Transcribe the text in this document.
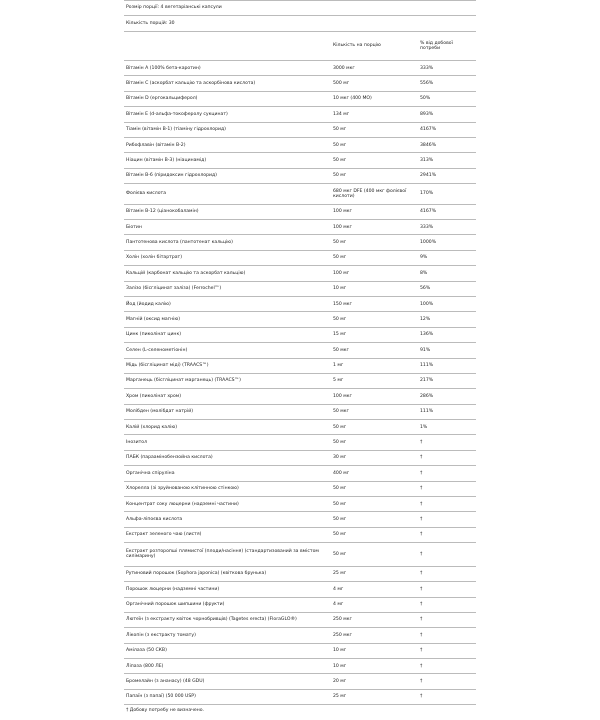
Розмір порції: 4 вегетаріанські капсули
Кількість порцій: 30
	Кількість на порцію	% від добової потреби
Вітамін А (100% бета-каротин)	3000 мкг	333%
Вітамін С (аскорбат кальцію та аскорбінова кислота)	500 мг	556%
Вітамін D (ергокальциферол)	10 мкг (400 МО)	50%
Вітамін Е (d-альфа-токоферолу сукцинат)	134 мг	893%
Тіамін (вітамін В-1) (тіаміну гідрохлорид)	50 мг	4167%
Рибофлавін (вітамін В-2)	50 мг	3846%
Ніацин (вітамін В-3) (ніацинамід)	50 мг	313%
Вітамін В-6 (піридоксин гідрохлорид)	50 мг	2941%
Фолієва кислота	680 мкг DFE (400 мкг фолієвої кислоти)	170%
Вітамін В-12 (ціанокобаламін)	100 мкг	4167%
Біотин	100 мкг	333%
Пантотенова кислота (пантотенат кальцію)	50 мг	1000%
Холін (холін бітартрат)	50 мг	9%
Кальцій (карбонат кальцію та аскорбат кальцію)	100 мг	8%
Залізо (бісгліцинат заліза) (Ferrochel™)	10 мг	56%
Йод (йодид калію)	150 мкг	100%
Магній (оксид магнію)	50 мг	12%
Цинк (пиколінат цинк)	15 мг	136%
Селен (L-селенометіонін)	50 мкг	91%
Мідь (бісгліцинат міді) (TRAACS™)	1 мг	111%
Марганець (бісгліцинат марганець) (TRAACS™)	5 мг	217%
Хром (пиколінат хром)	100 мкг	286%
Молібден (молібдат натрій)	50 мкг	111%
Калій (хлорид калію)	50 мг	1%
Інозитол	50 мг	†
ПАБК (параамінобензойна кислота)	30 мг	†
Органічна спіруліна	400 мг	†
Хлорелла (зі зруйнованою клітинною стінкою)	50 мг	†
Концентрат соку люцерни (надземні частини)	50 мг	†
Альфа-ліпоєва кислота	50 мг	†
Екстракт зеленого чаю (листя)	50 мг	†
Екстракт розторопші плямистої (плоди/насіння) (стандартизований за вмістом силімарину)	50 мг	†
Рутиновий порошок (Sophora japonica) (квіткова брунька)	25 мг	†
Порошок люцерни (надземні частини)	4 мг	†
Органічний порошок шипшини (фрукти)	4 мг	†
Лютеїн (з екстракту квіток чорнобривців) (Tagetes erecta) (FloraGLO®)	250 мкг	†
Лікопін (з екстракту томату)	250 мкг	†
Амілаза (50 СКВ)	10 мг	†
Ліпаза (800 ЛЕ)	10 мг	†
Бромелайн (з ананасу) (48 GDU)	20 мг	†
Папаїн (з папаї) (50 000 USP)	25 мг	†
† Добову потребу не визначено.
